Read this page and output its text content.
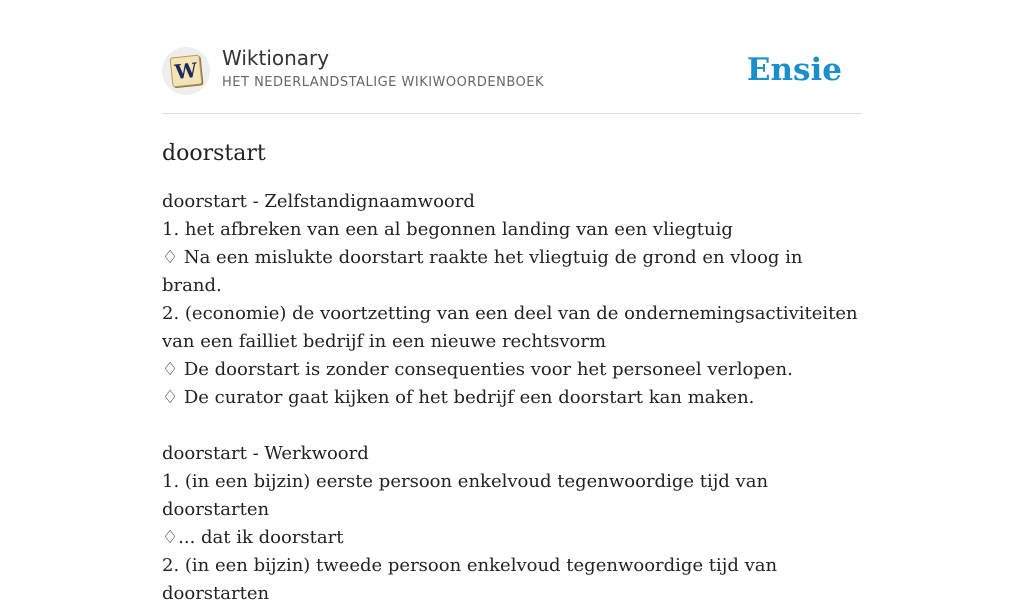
W Wiktionary
HET NEDERLANDSTALIGE WIKIWOORDENBOEK	Ensie
doorstart
doorstart - Zelfstandignaamwoord
1. het afbreken van een al begonnen landing van een vliegtuig
♢ Na een mislukte doorstart raakte het vliegtuig de grond en vloog in brand.
2. (economie) de voortzetting van een deel van de ondernemingsactiviteiten van een failliet bedrijf in een nieuwe rechtsvorm
♢ De doorstart is zonder consequenties voor het personeel verlopen.
♢ De curator gaat kijken of het bedrijf een doorstart kan maken.
doorstart - Werkwoord
1. (in een bijzin) eerste persoon enkelvoud tegenwoordige tijd van doorstarten
♢... dat ik doorstart
2. (in een bijzin) tweede persoon enkelvoud tegenwoordige tijd van doorstarten
